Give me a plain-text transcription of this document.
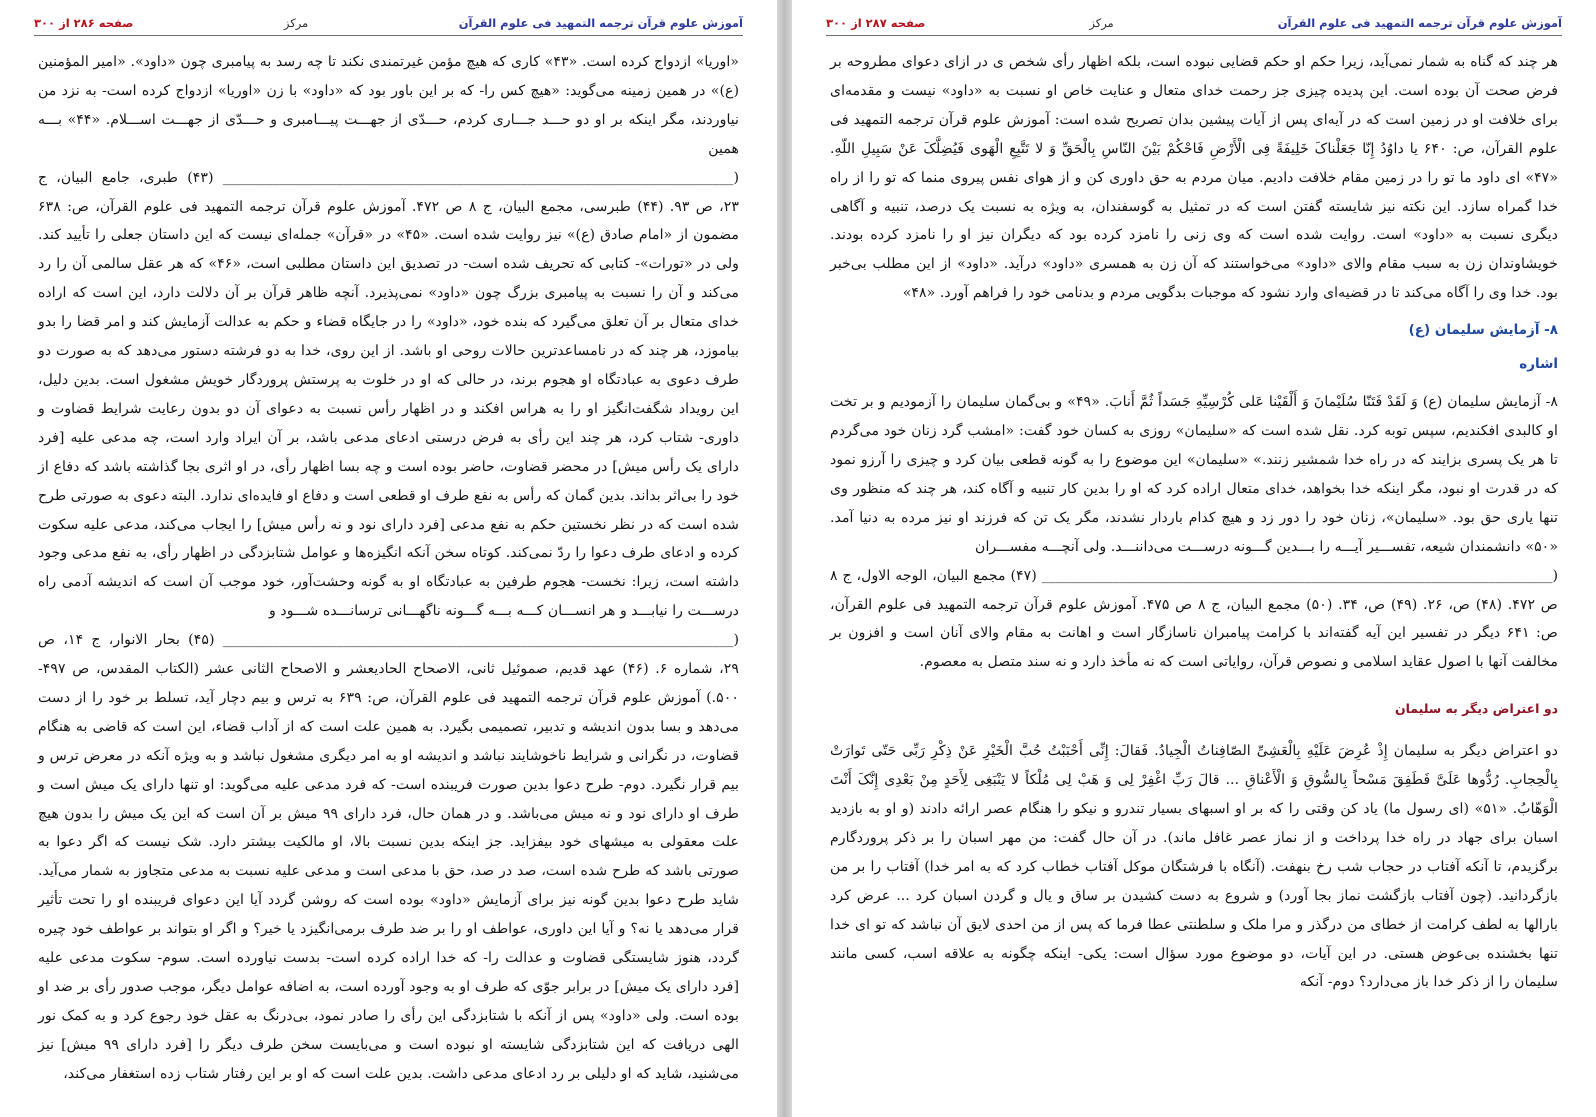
آموزش علوم قرآن ترجمه التمهید فی علوم القرآن
مرکز
صفحه ۲۸۶ از ۳۰۰

«اوریا» ازدواج کرده است. «۴۳» کاری که هیچ مؤمن غیرتمندی نکند تا چه رسد به پیامبری چون «داود». «امیر المؤمنین (ع)» در همین زمینه می‌گوید: «هیچ کس را- که بر این باور بود که «داود» با زن «اوریا» ازدواج کرده است- به نزد من نیاوردند، مگر اینکه بر او دو حـــد جـــاری کردم، حـــدّی از جهـــت پیـــامبری و حـــدّی از جهـــت اســـلام. «۴۴» بـــه همین

(________________________________________________________________________ (۴۳) طبری، جامع البیان، ج ۲۳، ص ۹۳. (۴۴) طبرسی، مجمع البیان، ج ۸ ص ۴۷۲. آموزش علوم قرآن ترجمه التمهید فی علوم القرآن، ص: ۶۳۸ مضمون از «امام صادق (ع)» نیز روایت شده است. «۴۵» در «قرآن» جمله‌ای نیست که این داستان جعلی را تأیید کند. ولی در «تورات»- کتابی که تحریف شده است- در تصدیق این داستان مطلبی است، «۴۶» که هر عقل سالمی آن را رد می‌کند و آن را نسبت به پیامبری بزرگ چون «داود» نمی‌پذیرد. آنچه ظاهر قرآن بر آن دلالت دارد، این است که اراده خدای متعال بر آن تعلق می‌گیرد که بنده خود، «داود» را در جایگاه قضاء و حکم به عدالت آزمایش کند و امر قضا را بدو بیاموزد، هر چند که در نامساعدترین حالات روحی او باشد. از این روی، خدا به دو فرشته دستور می‌دهد که به صورت دو طرف دعوی به عبادتگاه او هجوم برند، در حالی که او در خلوت به پرستش پروردگار خویش مشغول است. بدین دلیل، این رویداد شگفت‌انگیز او را به هراس افکند و در اظهار رأس نسبت به دعوای آن دو بدون رعایت شرایط قضاوت و داوری- شتاب کرد، هر چند این رأی به فرض درستی ادعای مدعی باشد، بر آن ایراد وارد است، چه مدعی علیه [فرد دارای یک رأس میش] در محضر قضاوت، حاضر بوده است و چه بسا اظهار رأی، در او اثری بجا گذاشته باشد که دفاع از خود را بی‌اثر بداند. بدین گمان که رأس به نفع طرف او قطعی است و دفاع او فایده‌ای ندارد. البته دعوی به صورتی طرح شده است که در نظر نخستین حکم به نفع مدعی [فرد دارای نود و نه رأس میش] را ایجاب می‌کند، مدعی علیه سکوت کرده و ادعای طرف دعوا را ردّ نمی‌کند. کوتاه سخن آنکه انگیزه‌ها و عوامل شتابزدگی در اظهار رأی، به نفع مدعی وجود داشته است، زیرا: نخست- هجوم طرفین به عبادتگاه او به گونه وحشت‌آور، خود موجب آن است که اندیشه آدمی راه درســـت را نیابـــد و هر انســـان کـــه بـــه گـــونه ناگهـــانی ترسانـــده شـــود و

(________________________________________________________________________ (۴۵) بحار الانوار، ج ۱۴، ص ۲۹، شماره ۶. (۴۶) عهد قدیم، صموئیل ثانی، الاصحاح الحادیعشر و الاصحاح الثانی عشر (الکتاب المقدس، ص ۴۹۷- ۵۰۰.) آموزش علوم قرآن ترجمه التمهید فی علوم القرآن، ص: ۶۳۹ به ترس و بیم دچار آید، تسلط بر خود را از دست می‌دهد و بسا بدون اندیشه و تدبیر، تصمیمی بگیرد. به همین علت است که از آداب قضاء، این است که قاضی به هنگام قضاوت، در نگرانی و شرایط ناخوشایند نباشد و اندیشه او به امر دیگری مشغول نباشد و به ویژه آنکه در معرض ترس و بیم قرار نگیرد. دوم- طرح دعوا بدین صورت فریبنده است- که فرد مدعی علیه می‌گوید: او تنها دارای یک میش است و طرف او دارای نود و نه میش می‌باشد. و در همان حال، فرد دارای ۹۹ میش بر آن است که این یک میش را بدون هیچ علت معقولی به میشهای خود بیفزاید. جز اینکه بدین نسبت بالا، او مالکیت بیشتر دارد. شک نیست که اگر دعوا به صورتی باشد که طرح شده است، صد در صد، حق با مدعی است و مدعی علیه نسبت به مدعی متجاوز به شمار می‌آید. شاید طرح دعوا بدین گونه نیز برای آزمایش «داود» بوده است که روشن گردد آیا این دعوای فریبنده او را تحت تأثیر قرار می‌دهد یا نه؟ و آیا این داوری، عواطف او را بر ضد طرف برمی‌انگیزد یا خیر؟ و اگر او بتواند بر عواطف خود چیره گردد، هنوز شایستگی قضاوت و عدالت را- که خدا اراده کرده است- بدست نیاورده است. سوم- سکوت مدعی علیه [فرد دارای یک میش] در برابر جوّی که طرف او به وجود آورده است، به اضافه عوامل دیگر، موجب صدور رأی بر ضد او بوده است. ولی «داود» پس از آنکه با شتابزدگی این رأی را صادر نمود، بی‌درنگ به عقل خود رجوع کرد و به کمک نور الهی دریافت که این شتابزدگی شایسته او نبوده است و می‌بایست سخن طرف دیگر را [فرد دارای ۹۹ میش] نیز می‌شنید، شاید که او دلیلی بر رد ادعای مدعی داشت. بدین علت است که او بر این رفتار شتاب زده استغفار می‌کند،

آموزش علوم قرآن ترجمه التمهید فی علوم القرآن
مرکز
صفحه ۲۸۷ از ۳۰۰

هر چند که گناه به شمار نمی‌آید، زیرا حکم او حکم قضایی نبوده است، بلکه اظهار رأی شخص ی در ازای دعوای مطروحه بر فرض صحت آن بوده است. این پدیده چیزی جز رحمت خدای متعال و عنایت خاص او نسبت به «داود» نیست و مقدمه‌ای برای خلافت او در زمین است که در آیه‌ای پس از آیات پیشین بدان تصریح شده است: آموزش علوم قرآن ترجمه التمهید فی علوم القرآن، ص: ۶۴۰ یا داوُدُ إِنّا جَعَلْناکَ خَلِیفَةً فِی الْأَرْضِ فَاحْکُمْ بَیْنَ النّاسِ بِالْحَقِّ وَ لا تَتَّبِعِ الْهَوی فَیُضِلَّکَ عَنْ سَبِیلِ اللّهِ. «۴۷» ای داود ما تو را در زمین مقام خلافت دادیم. میان مردم به حق داوری کن و از هوای نفس پیروی منما که تو را از راه خدا گمراه سازد. این نکته نیز شایسته گفتن است که در تمثیل به گوسفندان، به ویژه به نسبت یک درصد، تنبیه و آگاهی دیگری نسبت به «داود» است. روایت شده است که وی زنی را نامزد کرده بود که دیگران نیز او را نامزد کرده بودند. خویشاوندان زن به سبب مقام والای «داود» می‌خواستند که آن زن به همسری «داود» درآید. «داود» از این مطلب بی‌خبر بود. خدا وی را آگاه می‌کند تا در قضیه‌ای وارد نشود که موجبات بدگویی مردم و بدنامی خود را فراهم آورد. «۴۸»

۸- آزمایش سلیمان (ع)
اشاره

۸- آزمایش سلیمان (ع) وَ لَقَدْ فَتَنّا سُلَیْمانَ وَ أَلْقَیْنا عَلی کُرْسِیِّهِ جَسَداً ثُمَّ أَنابَ. «۴۹» و بی‌گمان سلیمان را آزمودیم و بر تخت او کالبدی افکندیم، سپس توبه کرد. نقل شده است که «سلیمان» روزی به کسان خود گفت: «امشب گرد زنان خود می‌گردم تا هر یک پسری بزایند که در راه خدا شمشیر زنند.» «سلیمان» این موضوع را به گونه قطعی بیان کرد و چیزی را آرزو نمود که در قدرت او نبود، مگر اینکه خدا بخواهد، خدای متعال اراده کرد که او را بدین کار تنبیه و آگاه کند، هر چند که منظور وی تنها یاری حق بود. «سلیمان»، زنان خود را دور زد و هیچ کدام باردار نشدند، مگر یک تن که فرزند او نیز مرده به دنیا آمد. «۵۰» دانشمندان شیعه، تفســـیر آیـــه را بـــدین گـــونه درســـت می‌داننـــد. ولی آنچـــه مفســـران

(________________________________________________________________________ (۴۷) مجمع البیان، الوجه الاول، ج ۸ ص ۴۷۲. (۴۸) ص، ۲۶. (۴۹) ص، ۳۴. (۵۰) مجمع البیان، ج ۸ ص ۴۷۵. آموزش علوم قرآن ترجمه التمهید فی علوم القرآن، ص: ۶۴۱ دیگر در تفسیر این آیه گفته‌اند با کرامت پیامبران ناسازگار است و اهانت به مقام والای آنان است و افزون بر مخالفت آنها با اصول عقاید اسلامی و نصوص قرآن، روایاتی است که نه مأخذ دارد و نه سند متصل به معصوم.

دو اعتراض دیگر به سلیمان

دو اعتراض دیگر به سلیمان إِذْ عُرِضَ عَلَیْهِ بِالْعَشِیِّ الصّافِناتُ الْجِیادُ. فَقالَ: إِنِّی أَحْبَبْتُ حُبَّ الْخَیْرِ عَنْ ذِکْرِ رَبِّی حَتّی تَوارَتْ بِالْحِجابِ. رُدُّوها عَلَیَّ فَطَفِقَ مَسْحاً بِالسُّوقِ وَ الْأَعْناقِ ... قالَ رَبِّ اغْفِرْ لِی وَ هَبْ لِی مُلْکاً لا یَنْبَغِی لِأَحَدٍ مِنْ بَعْدِی إِنَّکَ أَنْتَ الْوَهّابُ. «۵۱» (ای رسول ما) یاد کن وقتی را که بر او اسبهای بسیار تندرو و نیکو را هنگام عصر ارائه دادند (و او به بازدید اسبان برای جهاد در راه خدا پرداخت و از نماز عصر غافل ماند). در آن حال گفت: من مهر اسبان را بر ذکر پروردگارم برگزیدم، تا آنکه آفتاب در حجاب شب رخ بنهفت. (آنگاه با فرشتگان موکل آفتاب خطاب کرد که به امر خدا) آفتاب را بر من بازگردانید. (چون آفتاب بازگشت نماز بجا آورد) و شروع به دست کشیدن بر ساق و یال و گردن اسبان کرد ... عرض کرد بارالها به لطف کرامت از خطای من درگذر و مرا ملک و سلطنتی عطا فرما که پس از من احدی لایق آن نباشد که تو ای خدا تنها بخشنده بی‌عوض هستی. در این آیات، دو موضوع مورد سؤال است: یکی- اینکه چگونه به علاقه اسب، کسی مانند سلیمان را از ذکر خدا باز می‌دارد؟ دوم- آنکه
